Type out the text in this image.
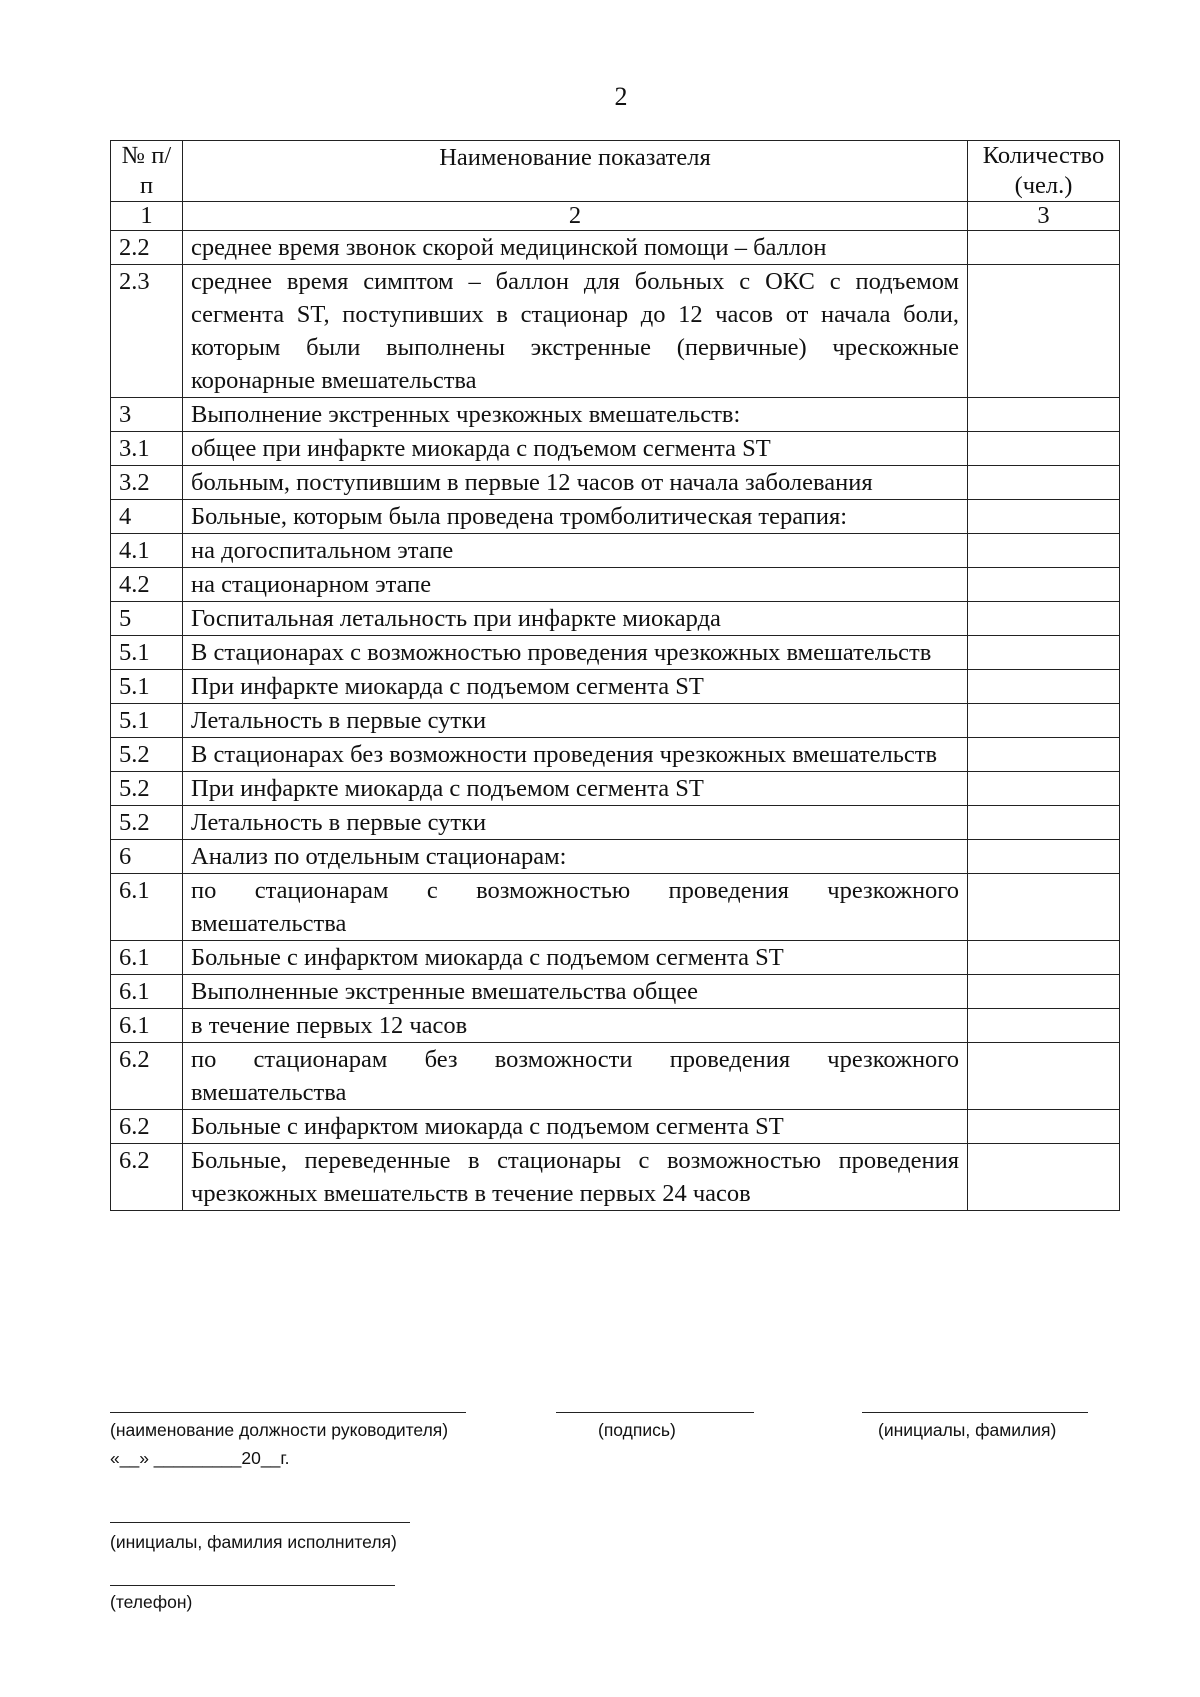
2
№ п/п	Наименование показателя	Количество (чел.)
1	2	3
2.2	среднее время звонок скорой медицинской помощи – баллон	
2.3	среднее время симптом – баллон для больных с ОКС с подъемом сегмента ST, поступивших в стационар до 12 часов от начала боли, которым были выполнены экстренные (первичные) чрескожные коронарные вмешательства	
3	Выполнение экстренных чрезкожных вмешательств:	
3.1	общее при инфаркте миокарда с подъемом сегмента ST	
3.2	больным, поступившим в первые 12 часов от начала заболевания	
4	Больные, которым была проведена тромболитическая терапия:	
4.1	на догоспитальном этапе	
4.2	на стационарном этапе	
5	Госпитальная летальность при инфаркте миокарда	
5.1	В стационарах с возможностью проведения чрезкожных вмешательств	
5.1	При инфаркте миокарда с подъемом сегмента ST	
5.1	Летальность в первые сутки	
5.2	В стационарах без возможности проведения чрезкожных вмешательств	
5.2	При инфаркте миокарда с подъемом сегмента ST	
5.2	Летальность в первые сутки	
6	Анализ по отдельным стационарам:	
6.1	по стационарам с возможностью проведения чрезкожного вмешательства	
6.1	Больные с инфарктом миокарда с подъемом сегмента ST	
6.1	Выполненные экстренные вмешательства общее	
6.1	в течение первых 12 часов	
6.2	по стационарам без возможности проведения чрезкожного вмешательства	
6.2	Больные с инфарктом миокарда с подъемом сегмента ST	
6.2	Больные, переведенные в стационары с возможностью проведения чрезкожных вмешательств в течение первых 24 часов	
(наименование должности руководителя)	(подпись)	(инициалы, фамилия)
«__» _________20__г.
(инициалы, фамилия исполнителя)
(телефон)
